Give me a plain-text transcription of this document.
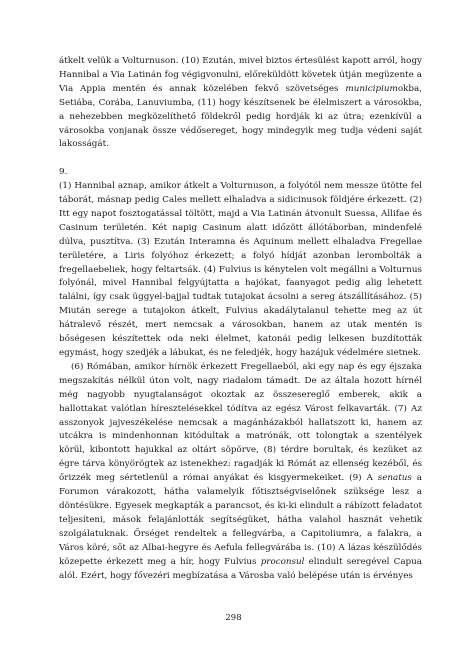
átkelt velük a Volturnuson. (10) Ezután, mivel biztos értesülést kapott arról, hogy Hannibal a Via Latinán fog végigvonulni, előreküldött követek útján megüzente a Via Appia mentén és annak közelében fekvő szövetséges municipiumokba, Setiába, Corába, Lanuviumba, (11) hogy készítsenek be élelmiszert a városokba, a nehezebben megközelíthető földekről pedig hordják ki az útra; ezenkívül a városokba vonjanak össze védősereget, hogy mindegyik meg tudja védeni saját lakosságát.

9.

(1) Hannibal aznap, amikor átkelt a Volturnuson, a folyótól nem messze ütötte fel táborát, másnap pedig Cales mellett elhaladva a sidicinusok földjére érkezett. (2) Itt egy napot fosztogatással töltött, majd a Via Latinán átvonult Suessa, Allifae és Casinum területén. Két napig Casinum alatt időzött állótáborban, mindenfelé dúlva, pusztítva. (3) Ezután Interamna és Aquinum mellett elhaladva Fregellae területére, a Liris folyóhoz érkezett; a folyó hídját azonban lerombolták a fregellaebeliek, hogy feltartsák. (4) Fulvius is kénytelen volt megállni a Volturnus folyónál, mivel Hannibal felgyújtatta a hajókat, faanyagot pedig alig lehetett találni, így csak üggyel-bajjal tudtak tutajokat ácsolni a sereg átszállításához. (5) Miután serege a tutajokon átkelt, Fulvius akadálytalanul tehette meg az út hátralevő részét, mert nemcsak a városokban, hanem az utak mentén is bőségesen készítettek oda neki élelmet, katonái pedig lelkesen buzdították egymást, hogy szedjék a lábukat, és ne feledjék, hogy hazájuk védelmére sietnek.

(6) Rómában, amikor hírnök érkezett Fregellaeból, aki egy nap és egy éjszaka megszakítás nélkül úton volt, nagy riadalom támadt. De az általa hozott hírnél még nagyobb nyugtalanságot okoztak az összesereglő emberek, akik a hallottakat valótlan híresztelésekkel tódítva az egész Várost felkavarták. (7) Az asszonyok jajveszékelése nemcsak a magánházakból hallatszott ki, hanem az utcákra is mindenhonnan kitódultak a matrónák, ott tolongtak a szentélyek körül, kibontott hajukkal az oltárt söpörve, (8) térdre borultak, és kezüket az égre tárva könyörögtek az istenekhez: ragadják ki Rómát az ellenség kezéből, és őrizzék meg sértetlenül a római anyákat és kisgyermekeiket. (9) A senatus a Forumon várakozott, hátha valamelyik főtisztségviselőnek szüksége lesz a döntésükre. Egyesek megkapták a parancsot, és ki-ki elindult a rábízott feladatot teljesíteni, mások felajánlották segítségüket, hátha valahol hasznát vehetik szolgálatuknak. Őrséget rendeltek a fellegvárba, a Capitoliumra, a falakra, a Város köré, sőt az Albai-hegyre és Aefula fellegvárába is. (10) A lázas készülődés közepette érkezett meg a hír, hogy Fulvius proconsul elindult seregével Capua alól. Ezért, hogy fővezéri megbízatása a Városba való belépése után is érvényes

298
